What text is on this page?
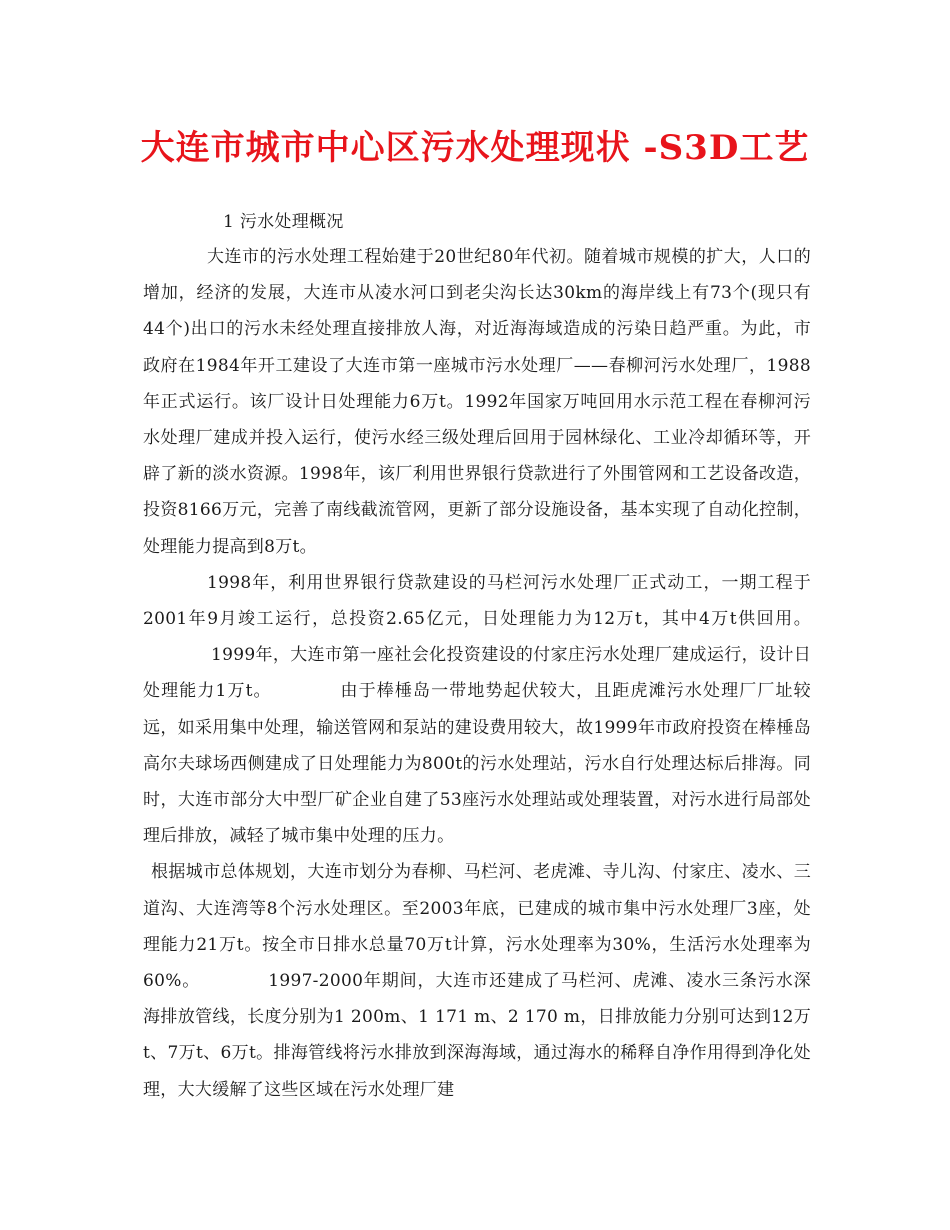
大连市城市中心区污水处理现状 -S3D工艺

1 污水处理概况

大连市的污水处理工程始建于20世纪80年代初。随着城市规模的扩大，人口的增加，经济的发展，大连市从凌水河口到老尖沟长达30km的海岸线上有73个(现只有44个)出口的污水未经处理直接排放人海，对近海海域造成的污染日趋严重。为此，市政府在1984年开工建设了大连市第一座城市污水处理厂——春柳河污水处理厂，1988年正式运行。该厂设计日处理能力6万t。1992年国家万吨回用水示范工程在春柳河污水处理厂建成并投入运行，使污水经三级处理后回用于园林绿化、工业冷却循环等，开辟了新的淡水资源。1998年，该厂利用世界银行贷款进行了外围管网和工艺设备改造，投资8166万元，完善了南线截流管网，更新了部分设施设备，基本实现了自动化控制，处理能力提高到8万t。

1998年，利用世界银行贷款建设的马栏河污水处理厂正式动工，一期工程于2001年9月竣工运行，总投资2.65亿元，日处理能力为12万t，其中4万t供回用。1999年，大连市第一座社会化投资建设的付家庄污水处理厂建成运行，设计日处理能力1万t。	由于棒棰岛一带地势起伏较大，且距虎滩污水处理厂厂址较远，如采用集中处理，输送管网和泵站的建设费用较大，故1999年市政府投资在棒棰岛高尔夫球场西侧建成了日处理能力为800t的污水处理站，污水自行处理达标后排海。同时，大连市部分大中型厂矿企业自建了53座污水处理站或处理装置，对污水进行局部处理后排放，减轻了城市集中处理的压力。

根据城市总体规划，大连市划分为春柳、马栏河、老虎滩、寺儿沟、付家庄、凌水、三道沟、大连湾等8个污水处理区。至2003年底，已建成的城市集中污水处理厂3座，处理能力21万t。按全市日排水总量70万t计算，污水处理率为30%，生活污水处理率为60%。	1997-2000年期间，大连市还建成了马栏河、虎滩、凌水三条污水深海排放管线，长度分别为1 200m、1 171 m、2 170 m，日排放能力分别可达到12万t、7万t、6万t。排海管线将污水排放到深海海域，通过海水的稀释自净作用得到净化处理，大大缓解了这些区域在污水处理厂建
